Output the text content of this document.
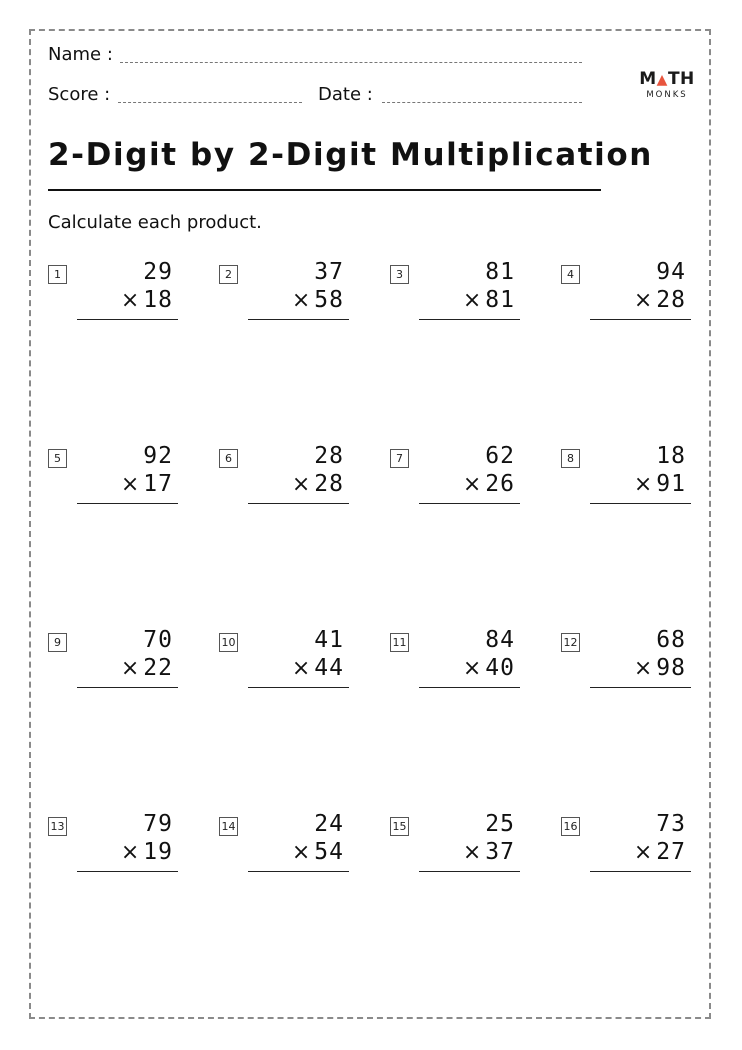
Name :
Score :	Date :
M▲TH
MONKS
2-Digit by 2-Digit Multiplication
Calculate each product.
1	29
× 18
2	37
× 58
3	81
× 81
4	94
× 28
5	92
× 17
6	28
× 28
7	62
× 26
8	18
× 91
9	70
× 22
10	41
× 44
11	84
× 40
12	68
× 98
13	79
× 19
14	24
× 54
15	25
× 37
16	73
× 27
